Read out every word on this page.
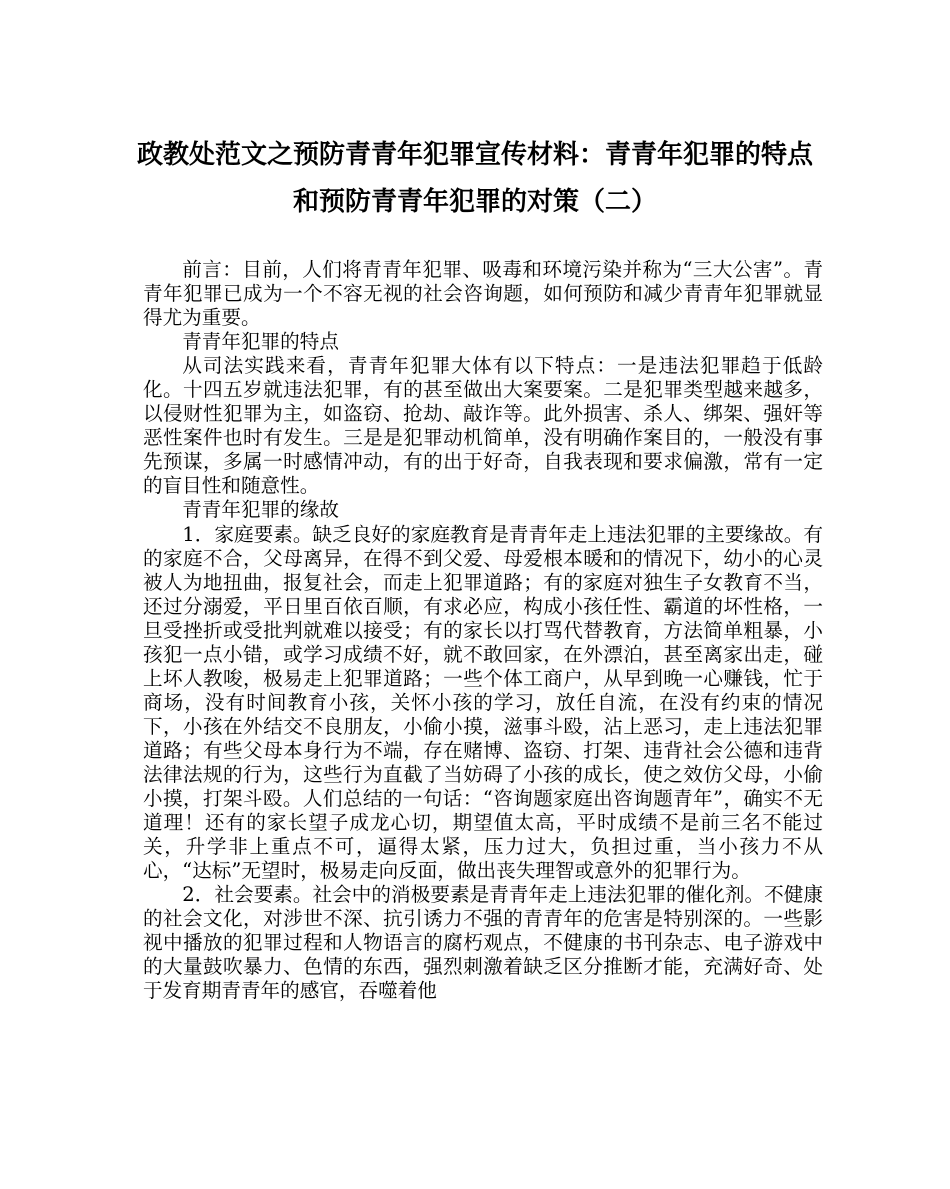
政教处范文之预防青青年犯罪宣传材料：青青年犯罪的特点和预防青青年犯罪的对策（二）

前言：目前，人们将青青年犯罪、吸毒和环境污染并称为“三大公害”。青青年犯罪已成为一个不容无视的社会咨询题，如何预防和减少青青年犯罪就显得尤为重要。

青青年犯罪的特点

从司法实践来看，青青年犯罪大体有以下特点：一是违法犯罪趋于低龄化。十四五岁就违法犯罪，有的甚至做出大案要案。二是犯罪类型越来越多，以侵财性犯罪为主，如盗窃、抢劫、敲诈等。此外损害、杀人、绑架、强奸等恶性案件也时有发生。三是是犯罪动机简单，没有明确作案目的，一般没有事先预谋，多属一时感情冲动，有的出于好奇，自我表现和要求偏激，常有一定的盲目性和随意性。

青青年犯罪的缘故

1．家庭要素。缺乏良好的家庭教育是青青年走上违法犯罪的主要缘故。有的家庭不合，父母离异，在得不到父爱、母爱根本暖和的情况下，幼小的心灵被人为地扭曲，报复社会，而走上犯罪道路；有的家庭对独生子女教育不当，还过分溺爱，平日里百依百顺，有求必应，构成小孩任性、霸道的坏性格，一旦受挫折或受批判就难以接受；有的家长以打骂代替教育，方法简单粗暴，小孩犯一点小错，或学习成绩不好，就不敢回家，在外漂泊，甚至离家出走，碰上坏人教唆，极易走上犯罪道路；一些个体工商户，从早到晚一心赚钱，忙于商场，没有时间教育小孩，关怀小孩的学习，放任自流，在没有约束的情况下，小孩在外结交不良朋友，小偷小摸，滋事斗殴，沾上恶习，走上违法犯罪道路；有些父母本身行为不端，存在赌博、盗窃、打架、违背社会公德和违背法律法规的行为，这些行为直截了当妨碍了小孩的成长，使之效仿父母，小偷小摸，打架斗殴。人们总结的一句话：“咨询题家庭出咨询题青年”，确实不无道理！还有的家长望子成龙心切，期望值太高，平时成绩不是前三名不能过关，升学非上重点不可，逼得太紧，压力过大，负担过重，当小孩力不从心，“达标”无望时，极易走向反面，做出丧失理智或意外的犯罪行为。

2．社会要素。社会中的消极要素是青青年走上违法犯罪的催化剂。不健康的社会文化，对涉世不深、抗引诱力不强的青青年的危害是特别深的。一些影视中播放的犯罪过程和人物语言的腐朽观点，不健康的书刊杂志、电子游戏中的大量鼓吹暴力、色情的东西，强烈刺激着缺乏区分推断才能，充满好奇、处于发育期青青年的感官，吞噬着他
